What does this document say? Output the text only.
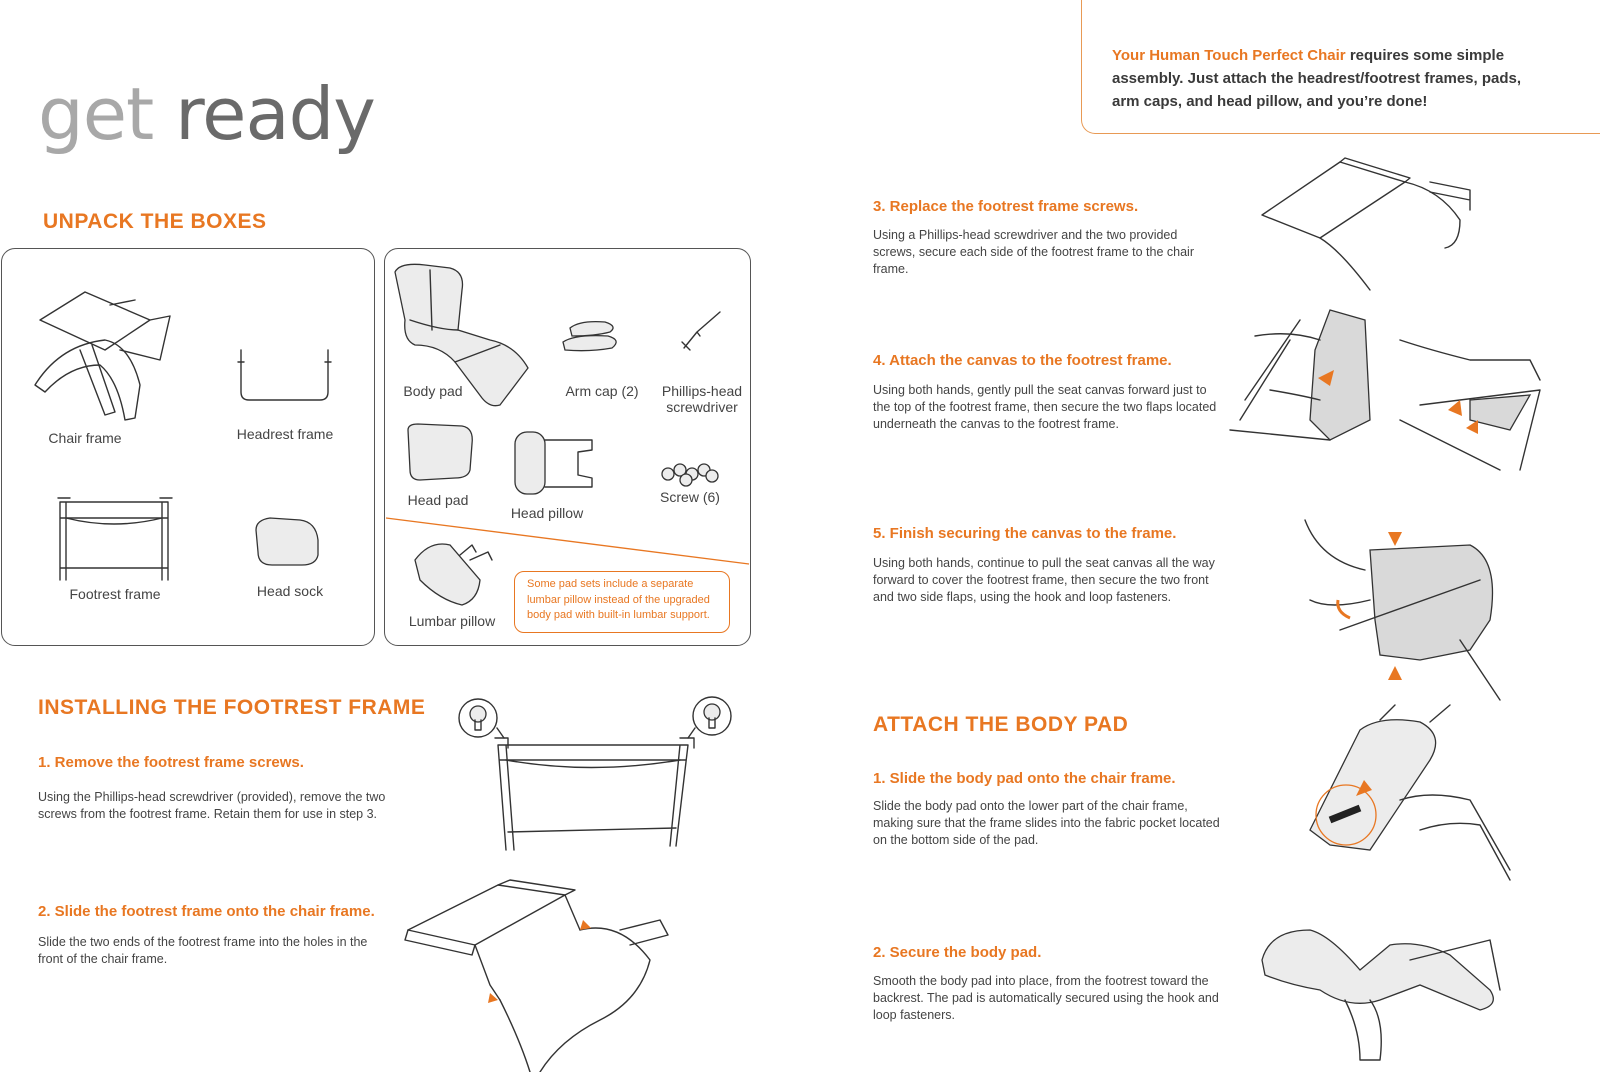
get ready
Your Human Touch Perfect Chair requires some simple assembly. Just attach the headrest/footrest frames, pads, arm caps, and head pillow, and you’re done!
UNPACK THE BOXES
Chair frame	Headrest frame
Footrest frame	Head sock
Body pad	Arm cap (2)	Phillips-head
screwdriver
Head pad
Head pillow
Screw (6)
Lumbar pillow
Some pad sets include a separate lumbar pillow instead of the upgraded body pad with built-in lumbar support.
INSTALLING THE FOOTREST FRAME
1. Remove the footrest frame screws.
Using the Phillips-head screwdriver (provided), remove the two screws from the footrest frame. Retain them for use in step 3.
2. Slide the footrest frame onto the chair frame.
Slide the two ends of the footrest frame into the holes in the front of the chair frame.
3. Replace the footrest frame screws.
Using a Phillips-head screwdriver and the two provided screws, secure each side of the footrest frame to the chair frame.
4. Attach the canvas to the footrest frame.
Using both hands, gently pull the seat canvas forward just to the top of the footrest frame, then secure the two flaps located underneath the canvas to the footrest frame.
5. Finish securing the canvas to the frame.
Using both hands, continue to pull the seat canvas all the way forward to cover the footrest frame, then secure the two front and two side flaps, using the hook and loop fasteners.
ATTACH THE BODY PAD
1. Slide the body pad onto the chair frame.
Slide the body pad onto the lower part of the chair frame, making sure that the frame slides into the fabric pocket located on the bottom side of the pad.
2. Secure the body pad.
Smooth the body pad into place, from the footrest toward the backrest. The pad is automatically secured using the hook and loop fasteners.
